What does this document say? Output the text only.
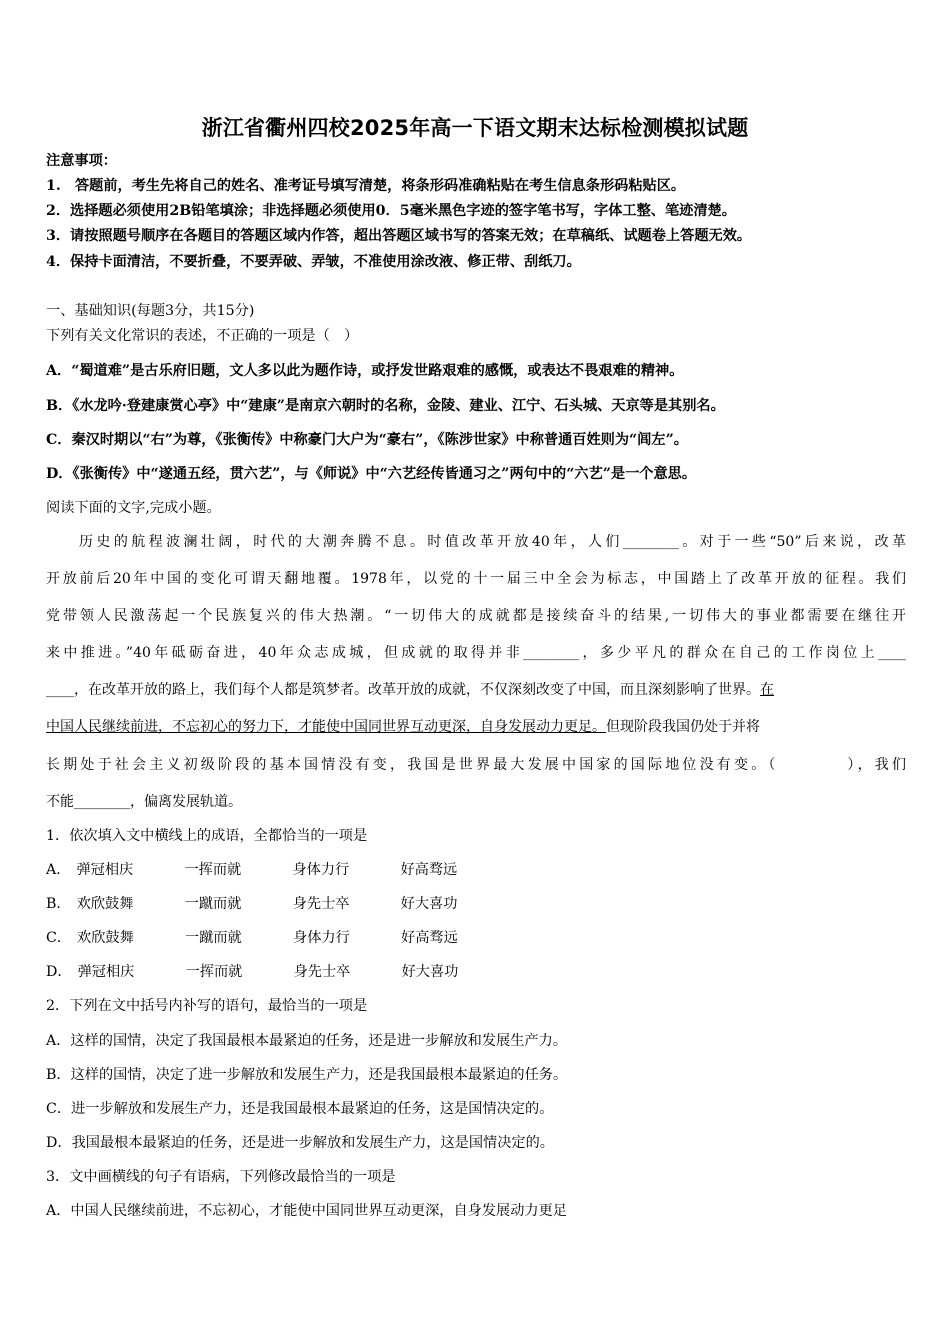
浙江省衢州四校2025年高一下语文期末达标检测模拟试题
注意事项：
1.　答题前，考生先将自己的姓名、准考证号填写清楚，将条形码准确粘贴在考生信息条形码粘贴区。
2．选择题必须使用2B铅笔填涂；非选择题必须使用0．5毫米黑色字迹的签字笔书写，字体工整、笔迹清楚。
3．请按照题号顺序在各题目的答题区域内作答，超出答题区域书写的答案无效；在草稿纸、试题卷上答题无效。
4．保持卡面清洁，不要折叠，不要弄破、弄皱，不准使用涂改液、修正带、刮纸刀。
一、基础知识(每题3分，共15分)
下列有关文化常识的表述，不正确的一项是（　）
A．“蜀道难”是古乐府旧题，文人多以此为题作诗，或抒发世路艰难的感慨，或表达不畏艰难的精神。
B．《水龙吟·登建康赏心亭》中“建康”是南京六朝时的名称，金陵、建业、江宁、石头城、天京等是其别名。
C．秦汉时期以“右”为尊，《张衡传》中称豪门大户为“豪右”，《陈涉世家》中称普通百姓则为“闾左”。
D．《张衡传》中“遂通五经，贯六艺”，与《师说》中“六艺经传皆通习之”两句中的“六艺”是一个意思。
阅读下面的文字,完成小题。
历史的航程波澜壮阔，时代的大潮奔腾不息。时值改革开放40年，人们________。对于一些“50”后来说，改革
开放前后20年中国的变化可谓天翻地覆。1978年，以党的十一届三中全会为标志，中国踏上了改革开放的征程。我们
党带领人民激荡起一个民族复兴的伟大热潮。“一切伟大的成就都是接续奋斗的结果,一切伟大的事业都需要在继往开
来中推进。”40年砥砺奋进，40年众志成城，但成就的取得并非________，多少平凡的群众在自己的工作岗位上____
____，在改革开放的路上，我们每个人都是筑梦者。改革开放的成就，不仅深刻改变了中国，而且深刻影响了世界。在
中国人民继续前进，不忘初心的努力下，才能使中国同世界互动更深，自身发展动力更足。但现阶段我国仍处于并将
长期处于社会主义初级阶段的基本国情没有变，我国是世界最大发展中国家的国际地位没有变。（　　　　），我们
不能________，偏离发展轨道。
1．依次填入文中横线上的成语，全都恰当的一项是
A． 弹冠相庆	一挥而就	身体力行	好高骛远
B． 欢欣鼓舞	一蹴而就	身先士卒	好大喜功
C． 欢欣鼓舞	一蹴而就	身体力行	好高骛远
D． 弹冠相庆	一挥而就	身先士卒	好大喜功
2．下列在文中括号内补写的语句，最恰当的一项是
A．这样的国情，决定了我国最根本最紧迫的任务，还是进一步解放和发展生产力。
B．这样的国情，决定了进一步解放和发展生产力，还是我国最根本最紧迫的任务。
C．进一步解放和发展生产力，还是我国最根本最紧迫的任务，这是国情决定的。
D．我国最根本最紧迫的任务，还是进一步解放和发展生产力，这是国情决定的。
3．文中画横线的句子有语病，下列修改最恰当的一项是
A．中国人民继续前进，不忘初心，才能使中国同世界互动更深，自身发展动力更足
